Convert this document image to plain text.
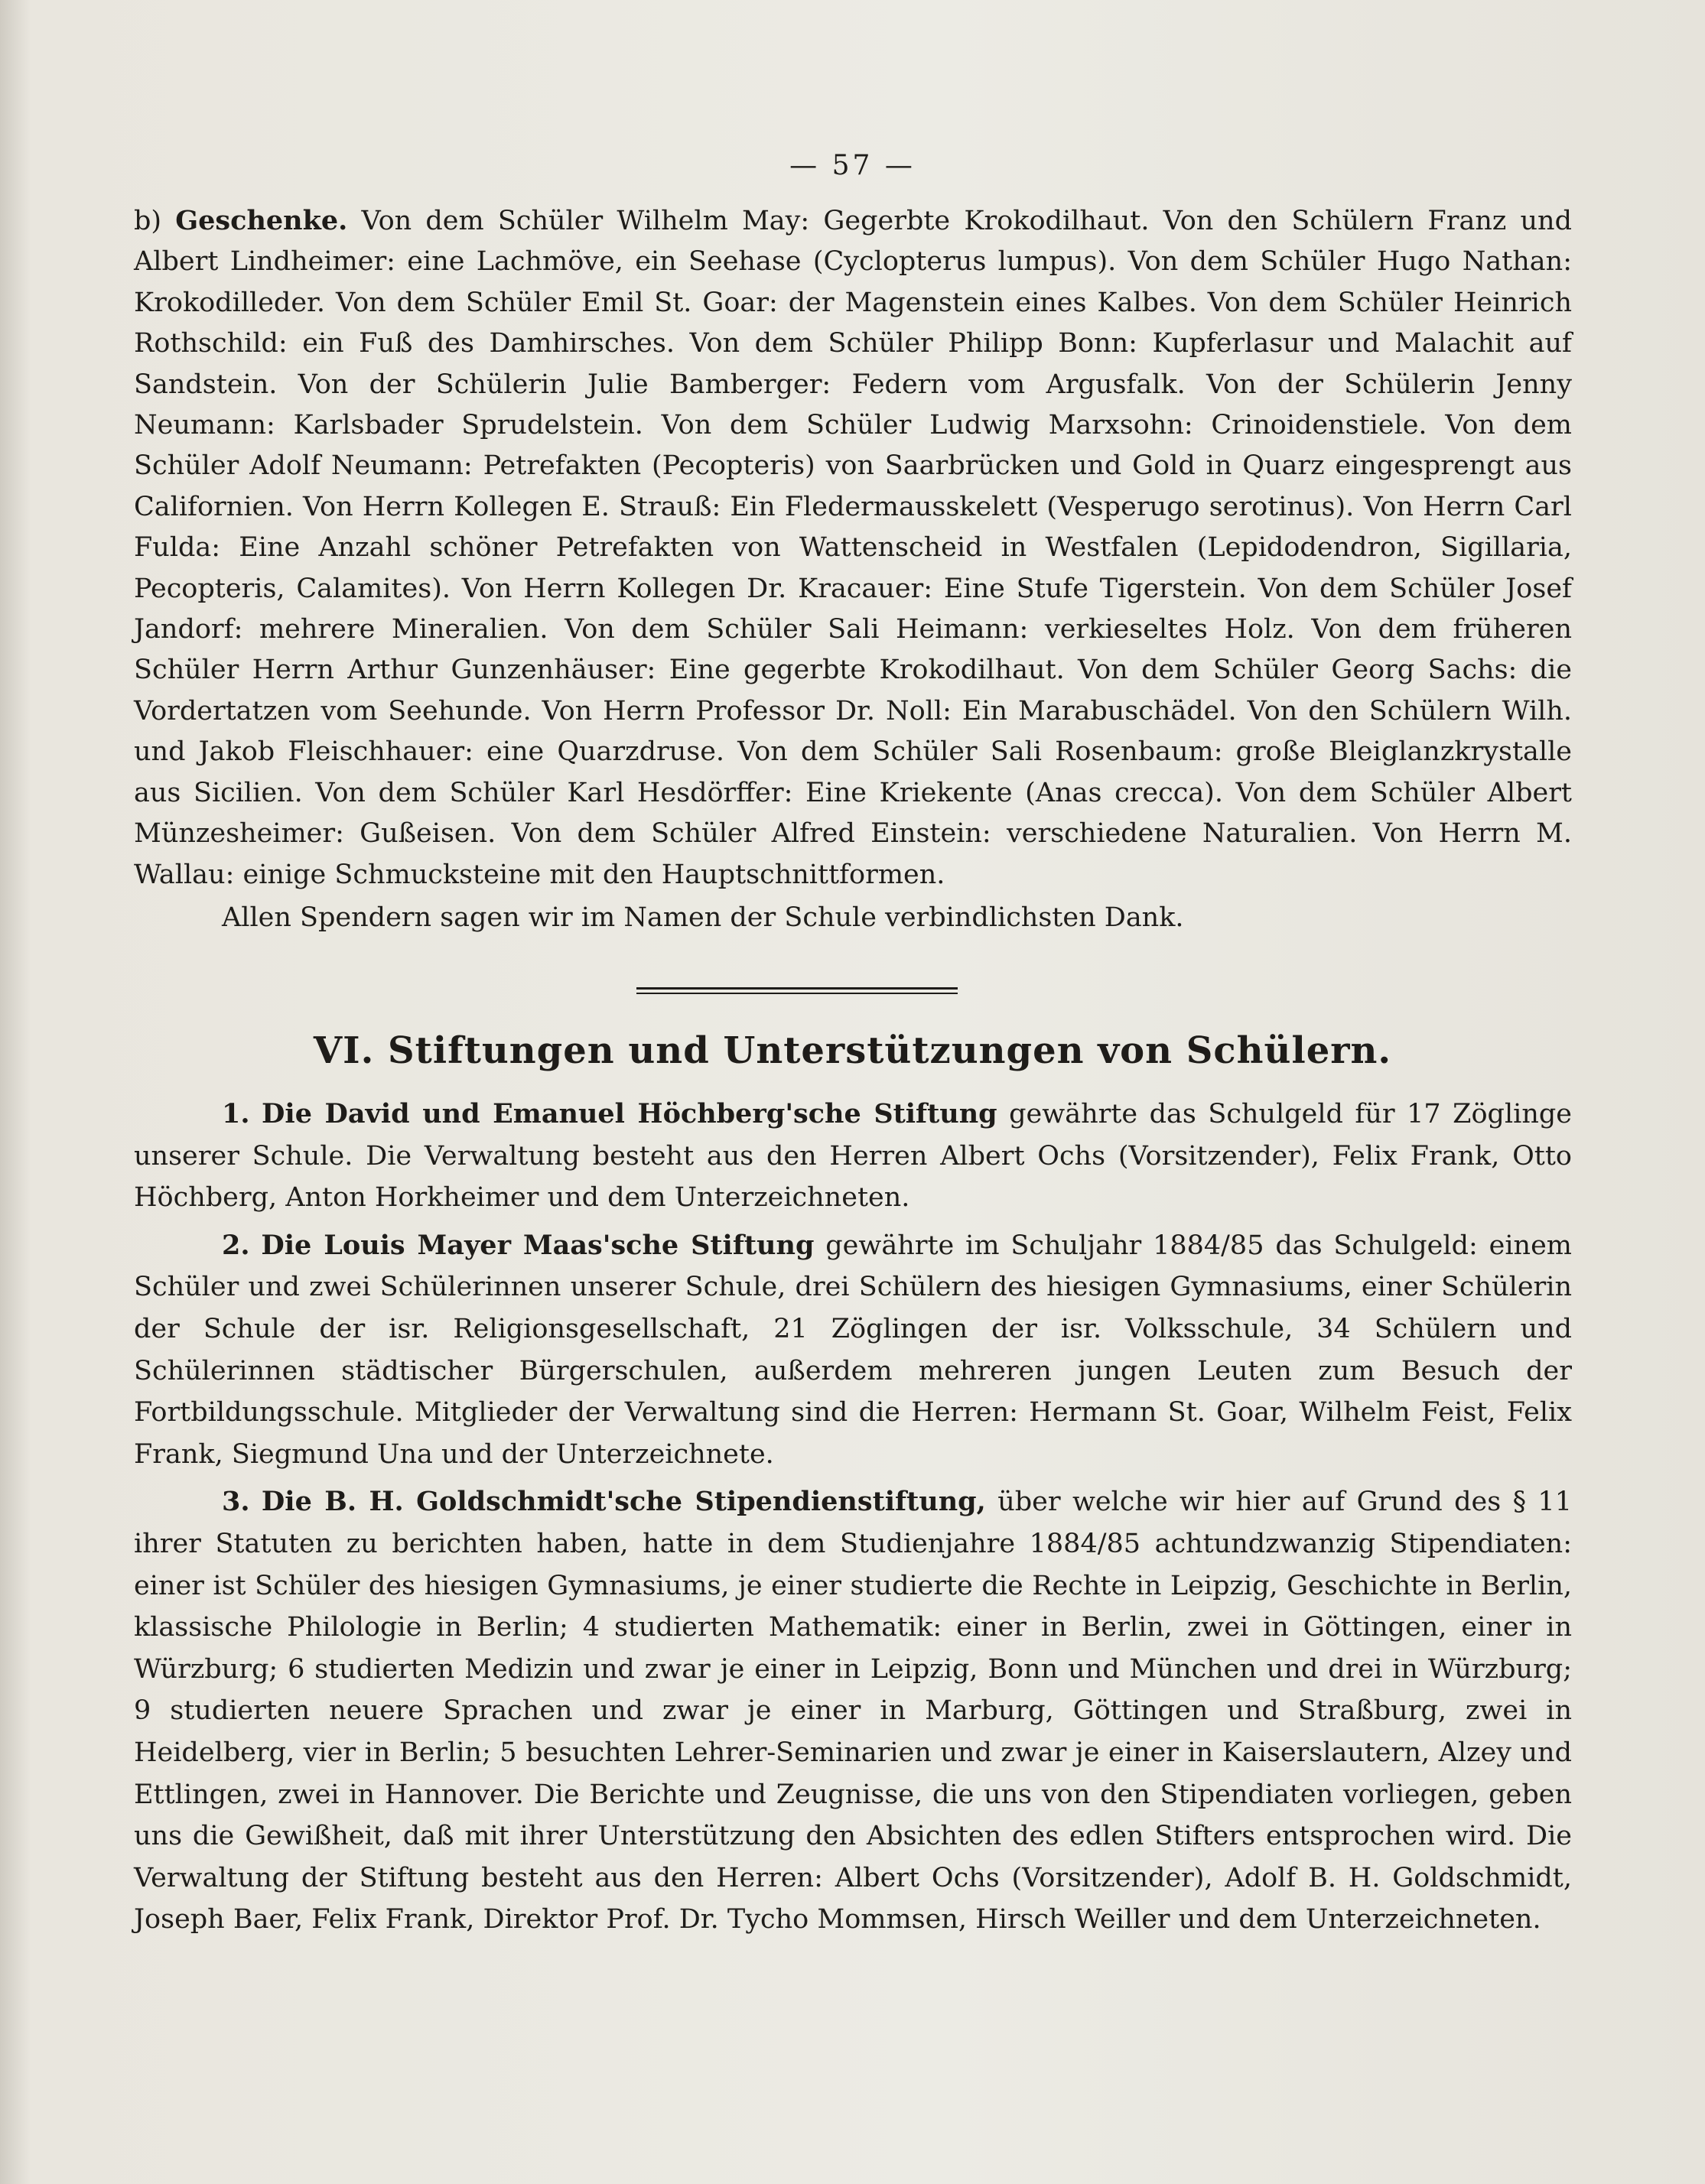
— 57 —

b) Geschenke. Von dem Schüler Wilhelm May: Gegerbte Krokodilhaut. Von den Schülern Franz und Albert Lindheimer: eine Lachmöve, ein Seehase (Cyclopterus lumpus). Von dem Schüler Hugo Nathan: Krokodilleder. Von dem Schüler Emil St. Goar: der Magenstein eines Kalbes. Von dem Schüler Heinrich Rothschild: ein Fuß des Damhirsches. Von dem Schüler Philipp Bonn: Kupferlasur und Malachit auf Sandstein. Von der Schülerin Julie Bamberger: Federn vom Argusfalk. Von der Schülerin Jenny Neumann: Karlsbader Sprudelstein. Von dem Schüler Ludwig Marxsohn: Crinoidenstiele. Von dem Schüler Adolf Neumann: Petrefakten (Pecopteris) von Saarbrücken und Gold in Quarz eingesprengt aus Californien. Von Herrn Kollegen E. Strauß: Ein Fledermausskelett (Vesperugo serotinus). Von Herrn Carl Fulda: Eine Anzahl schöner Petrefakten von Wattenscheid in Westfalen (Lepidodendron, Sigillaria, Pecopteris, Calamites). Von Herrn Kollegen Dr. Kracauer: Eine Stufe Tigerstein. Von dem Schüler Josef Jandorf: mehrere Mineralien. Von dem Schüler Sali Heimann: verkieseltes Holz. Von dem früheren Schüler Herrn Arthur Gunzenhäuser: Eine gegerbte Krokodilhaut. Von dem Schüler Georg Sachs: die Vordertatzen vom Seehunde. Von Herrn Professor Dr. Noll: Ein Marabuschädel. Von den Schülern Wilh. und Jakob Fleischhauer: eine Quarzdruse. Von dem Schüler Sali Rosenbaum: große Bleiglanzkrystalle aus Sicilien. Von dem Schüler Karl Hesdörffer: Eine Kriekente (Anas crecca). Von dem Schüler Albert Münzesheimer: Gußeisen. Von dem Schüler Alfred Einstein: verschiedene Naturalien. Von Herrn M. Wallau: einige Schmucksteine mit den Hauptschnittformen.

Allen Spendern sagen wir im Namen der Schule verbindlichsten Dank.

VI. Stiftungen und Unterstützungen von Schülern.

1. Die David und Emanuel Höchberg'sche Stiftung gewährte das Schulgeld für 17 Zöglinge unserer Schule. Die Verwaltung besteht aus den Herren Albert Ochs (Vorsitzender), Felix Frank, Otto Höchberg, Anton Horkheimer und dem Unterzeichneten.

2. Die Louis Mayer Maas'sche Stiftung gewährte im Schuljahr 1884/85 das Schulgeld: einem Schüler und zwei Schülerinnen unserer Schule, drei Schülern des hiesigen Gymnasiums, einer Schülerin der Schule der isr. Religionsgesellschaft, 21 Zöglingen der isr. Volksschule, 34 Schülern und Schülerinnen städtischer Bürgerschulen, außerdem mehreren jungen Leuten zum Besuch der Fortbildungsschule. Mitglieder der Verwaltung sind die Herren: Hermann St. Goar, Wilhelm Feist, Felix Frank, Siegmund Una und der Unterzeichnete.

3. Die B. H. Goldschmidt'sche Stipendienstiftung, über welche wir hier auf Grund des § 11 ihrer Statuten zu berichten haben, hatte in dem Studienjahre 1884/85 achtundzwanzig Stipendiaten: einer ist Schüler des hiesigen Gymnasiums, je einer studierte die Rechte in Leipzig, Geschichte in Berlin, klassische Philologie in Berlin; 4 studierten Mathematik: einer in Berlin, zwei in Göttingen, einer in Würzburg; 6 studierten Medizin und zwar je einer in Leipzig, Bonn und München und drei in Würzburg; 9 studierten neuere Sprachen und zwar je einer in Marburg, Göttingen und Straßburg, zwei in Heidelberg, vier in Berlin; 5 besuchten Lehrer-Seminarien und zwar je einer in Kaiserslautern, Alzey und Ettlingen, zwei in Hannover. Die Berichte und Zeugnisse, die uns von den Stipendiaten vorliegen, geben uns die Gewißheit, daß mit ihrer Unterstützung den Absichten des edlen Stifters entsprochen wird. Die Verwaltung der Stiftung besteht aus den Herren: Albert Ochs (Vorsitzender), Adolf B. H. Goldschmidt, Joseph Baer, Felix Frank, Direktor Prof. Dr. Tycho Mommsen, Hirsch Weiller und dem Unterzeichneten.
